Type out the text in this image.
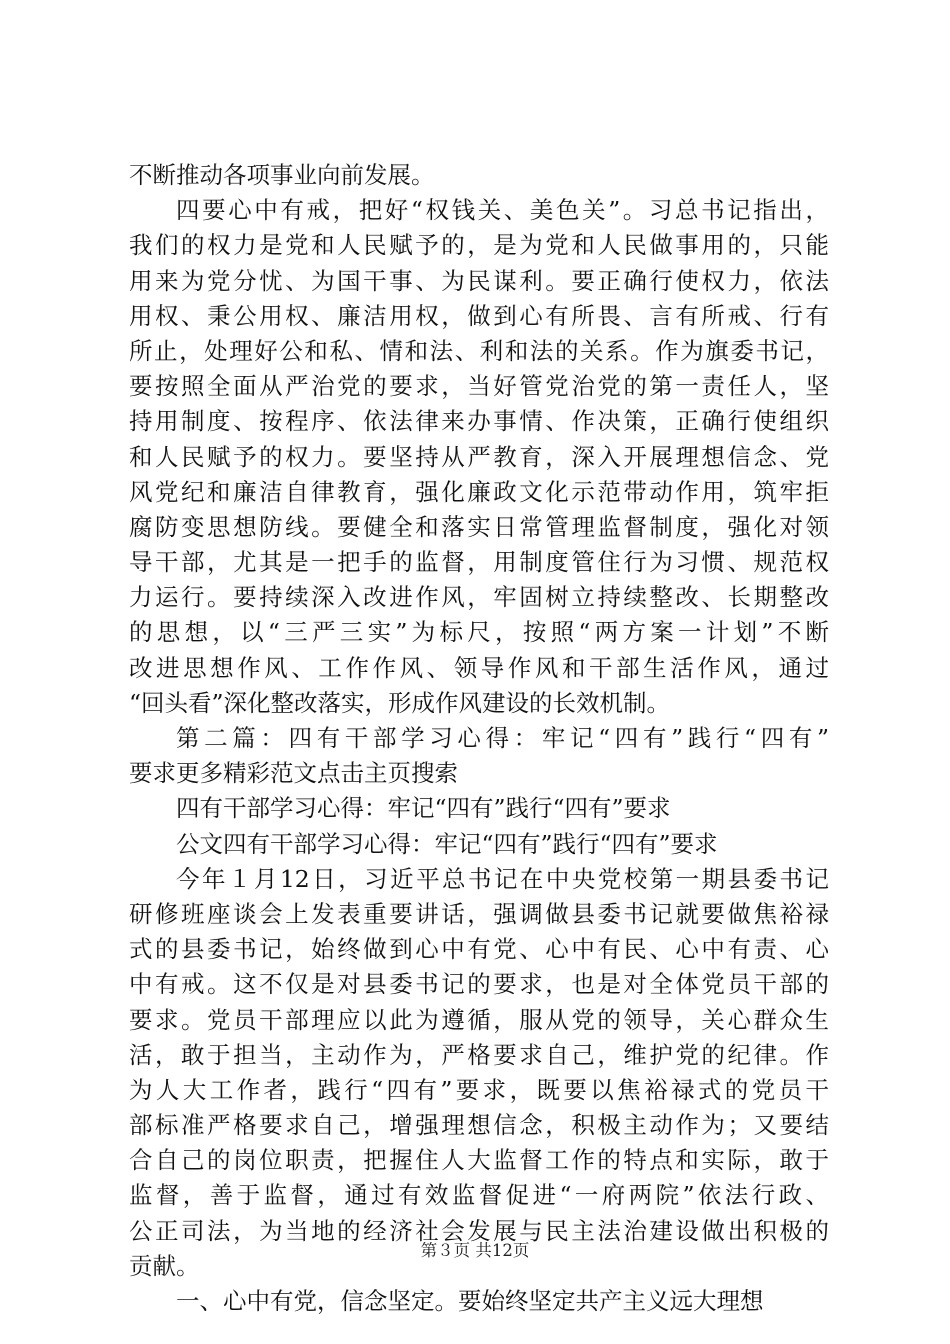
不断推动各项事业向前发展。
四要心中有戒，把好“权钱关、美色关”。习总书记指出，
我们的权力是党和人民赋予的，是为党和人民做事用的，只能
用来为党分忧、为国干事、为民谋利。要正确行使权力，依法
用权、秉公用权、廉洁用权，做到心有所畏、言有所戒、行有
所止，处理好公和私、情和法、利和法的关系。作为旗委书记，
要按照全面从严治党的要求，当好管党治党的第一责任人，坚
持用制度、按程序、依法律来办事情、作决策，正确行使组织
和人民赋予的权力。要坚持从严教育，深入开展理想信念、党
风党纪和廉洁自律教育，强化廉政文化示范带动作用，筑牢拒
腐防变思想防线。要健全和落实日常管理监督制度，强化对领
导干部，尤其是一把手的监督，用制度管住行为习惯、规范权
力运行。要持续深入改进作风，牢固树立持续整改、长期整改
的思想，以“三严三实”为标尺，按照“两方案一计划”不断
改进思想作风、工作作风、领导作风和干部生活作风，通过
“回头看”深化整改落实，形成作风建设的长效机制。
第二篇：四有干部学习心得：牢记“四有”践行“四有”
要求更多精彩范文点击主页搜索
四有干部学习心得：牢记“四有”践行“四有”要求
公文四有干部学习心得：牢记“四有”践行“四有”要求
今年１月12日，习近平总书记在中央党校第一期县委书记
研修班座谈会上发表重要讲话，强调做县委书记就要做焦裕禄
式的县委书记，始终做到心中有党、心中有民、心中有责、心
中有戒。这不仅是对县委书记的要求，也是对全体党员干部的
要求。党员干部理应以此为遵循，服从党的领导，关心群众生
活，敢于担当，主动作为，严格要求自己，维护党的纪律。作
为人大工作者，践行“四有”要求，既要以焦裕禄式的党员干
部标准严格要求自己，增强理想信念，积极主动作为；又要结
合自己的岗位职责，把握住人大监督工作的特点和实际，敢于
监督，善于监督，通过有效监督促进“一府两院”依法行政、
公正司法，为当地的经济社会发展与民主法治建设做出积极的
贡献。
一、心中有党，信念坚定。要始终坚定共产主义远大理想
第３页 共12页
